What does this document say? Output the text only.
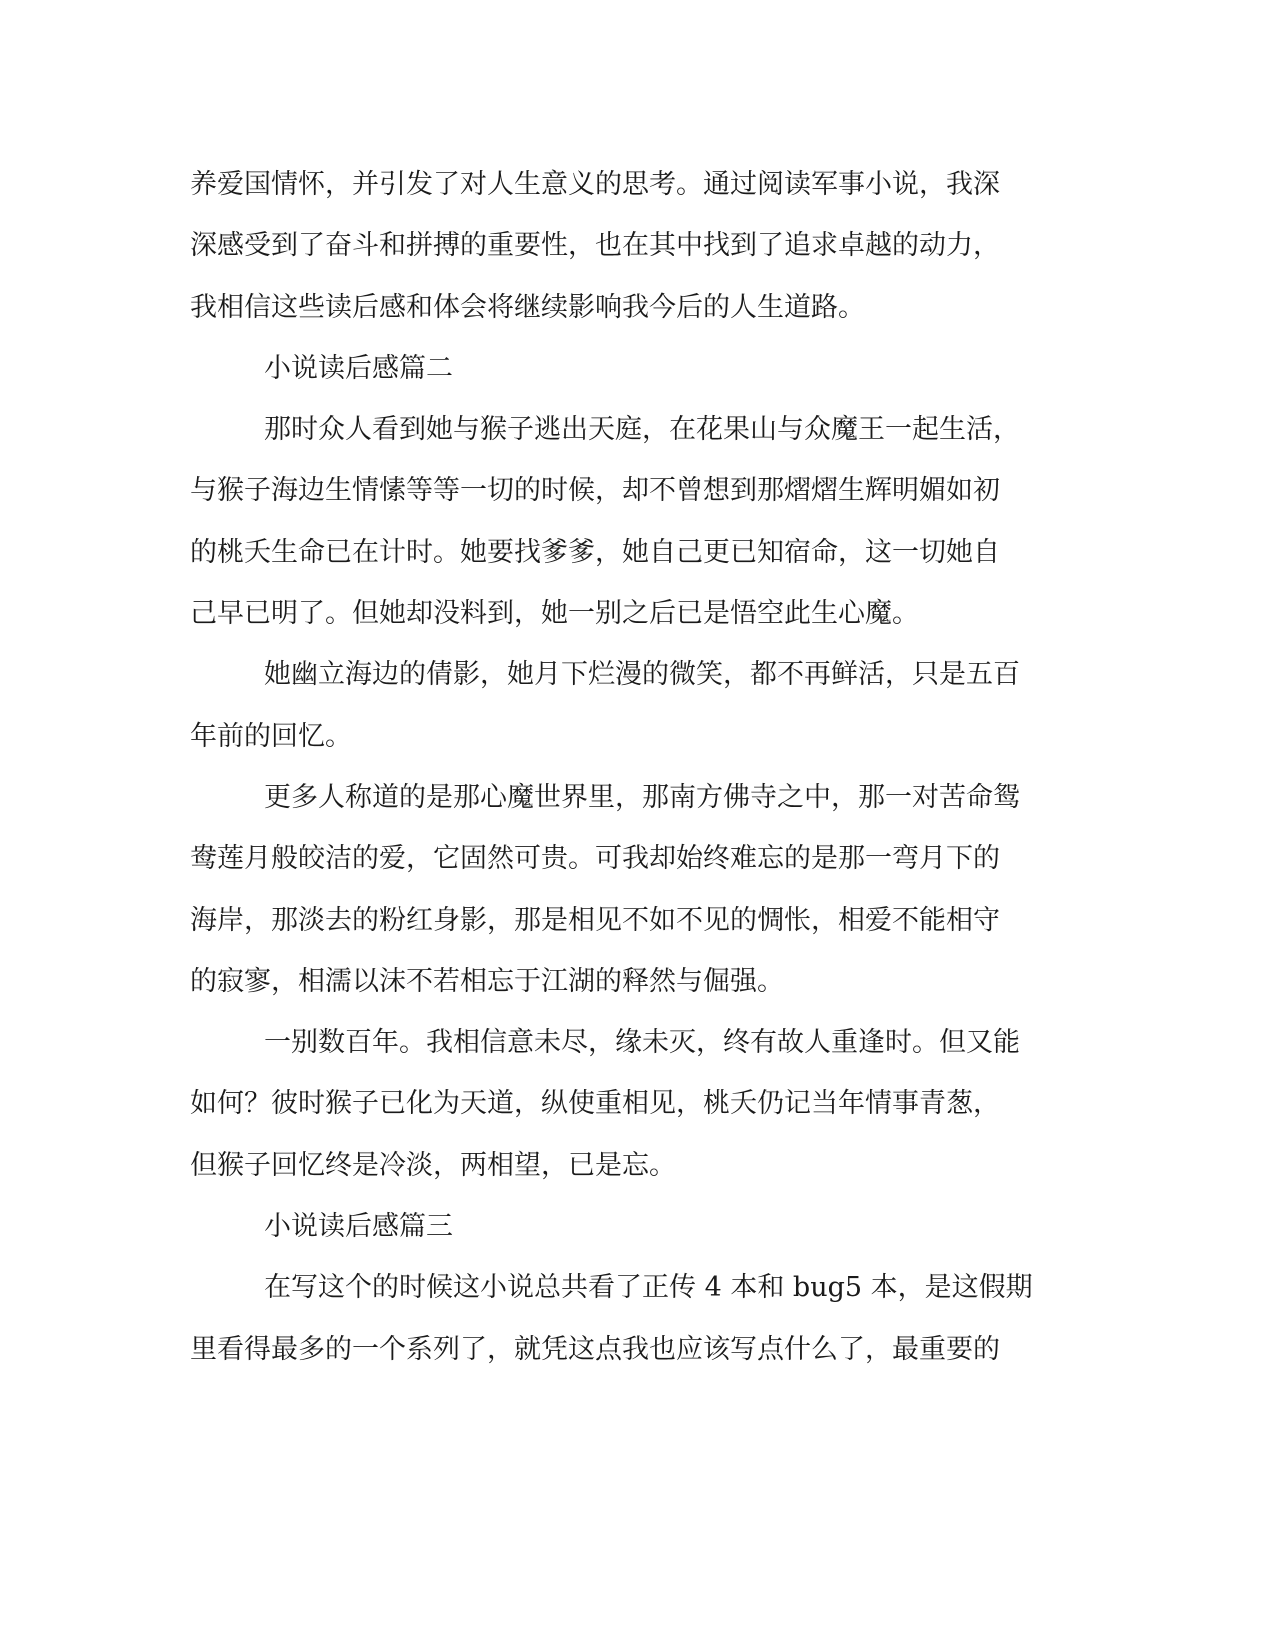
养爱国情怀，并引发了对人生意义的思考。通过阅读军事小说，我深
深感受到了奋斗和拼搏的重要性，也在其中找到了追求卓越的动力，
我相信这些读后感和体会将继续影响我今后的人生道路。
小说读后感篇二
那时众人看到她与猴子逃出天庭，在花果山与众魔王一起生活，
与猴子海边生情愫等等一切的时候，却不曾想到那熠熠生辉明媚如初
的桃夭生命已在计时。她要找爹爹，她自己更已知宿命，这一切她自
己早已明了。但她却没料到，她一别之后已是悟空此生心魔。
她幽立海边的倩影，她月下烂漫的微笑，都不再鲜活，只是五百
年前的回忆。
更多人称道的是那心魔世界里，那南方佛寺之中，那一对苦命鸳
鸯莲月般皎洁的爱，它固然可贵。可我却始终难忘的是那一弯月下的
海岸，那淡去的粉红身影，那是相见不如不见的惆怅，相爱不能相守
的寂寥，相濡以沫不若相忘于江湖的释然与倔强。
一别数百年。我相信意未尽，缘未灭，终有故人重逢时。但又能
如何？彼时猴子已化为天道，纵使重相见，桃夭仍记当年情事青葱，
但猴子回忆终是冷淡，两相望，已是忘。
小说读后感篇三
在写这个的时候这小说总共看了正传 4 本和 bug5 本，是这假期
里看得最多的一个系列了，就凭这点我也应该写点什么了，最重要的
